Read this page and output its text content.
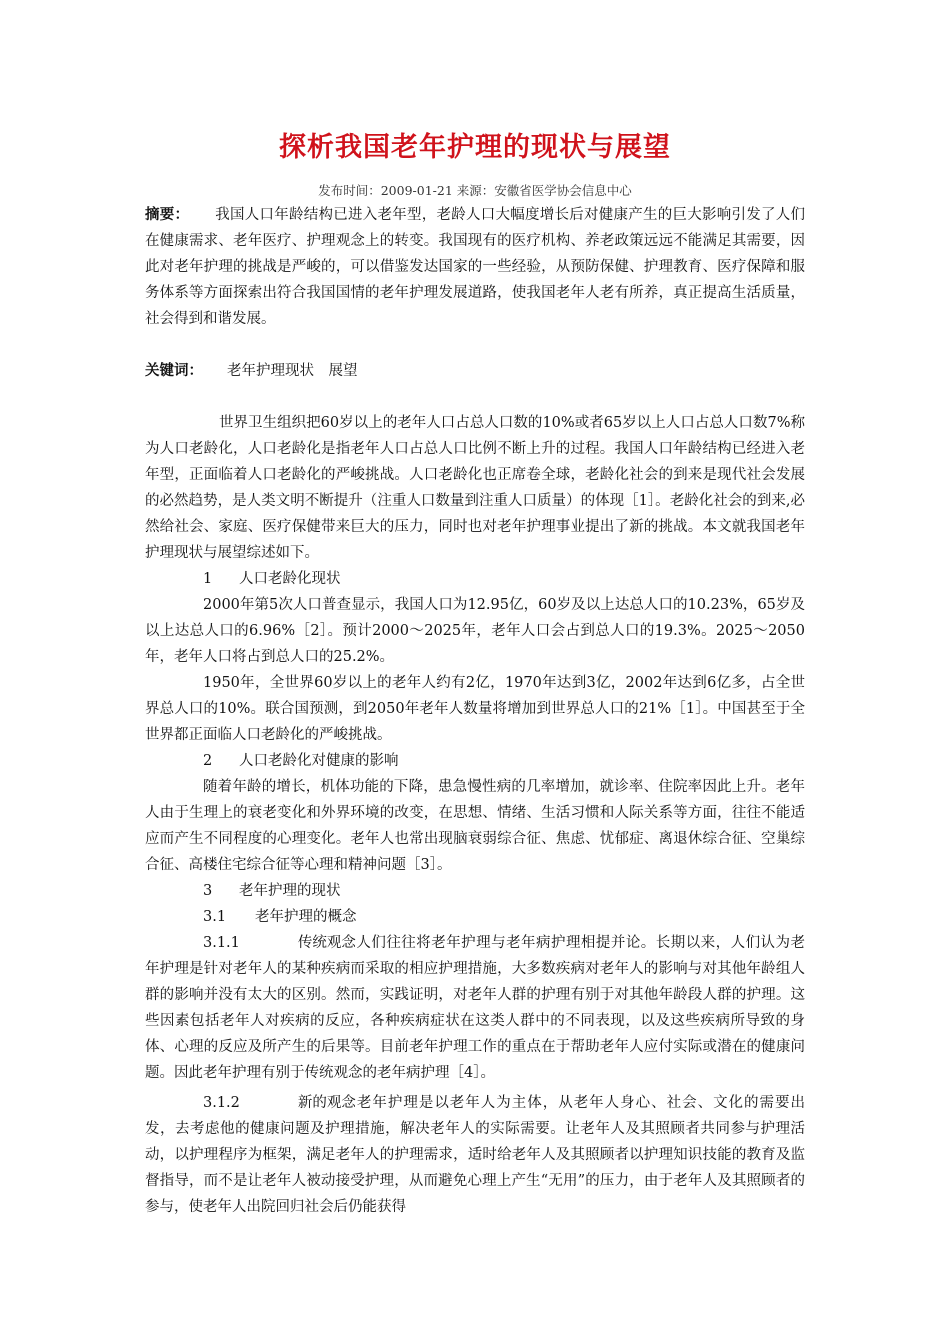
探析我国老年护理的现状与展望

发布时间：2009-01-21 来源：安徽省医学协会信息中心

摘要： 我国人口年龄结构已进入老年型，老龄人口大幅度增长后对健康产生的巨大影响引发了人们在健康需求、老年医疗、护理观念上的转变。我国现有的医疗机构、养老政策远远不能满足其需要，因此对老年护理的挑战是严峻的，可以借鉴发达国家的一些经验，从预防保健、护理教育、医疗保障和服务体系等方面探索出符合我国国情的老年护理发展道路，使我国老年人老有所养，真正提高生活质量，社会得到和谐发展。

关键词： 老年护理现状　展望

世界卫生组织把60岁以上的老年人口占总人口数的10%或者65岁以上人口占总人口数7%称为人口老龄化，人口老龄化是指老年人口占总人口比例不断上升的过程。我国人口年龄结构已经进入老年型，正面临着人口老龄化的严峻挑战。人口老龄化也正席卷全球，老龄化社会的到来是现代社会发展的必然趋势，是人类文明不断提升（注重人口数量到注重人口质量）的体现［1］。老龄化社会的到来,必然给社会、家庭、医疗保健带来巨大的压力，同时也对老年护理事业提出了新的挑战。本文就我国老年护理现状与展望综述如下。

1 人口老龄化现状

2000年第5次人口普查显示，我国人口为12.95亿，60岁及以上达总人口的10.23%，65岁及以上达总人口的6.96%［2］。预计2000～2025年，老年人口会占到总人口的19.3%。2025～2050年，老年人口将占到总人口的25.2%。

1950年，全世界60岁以上的老年人约有2亿，1970年达到3亿，2002年达到6亿多，占全世界总人口的10%。联合国预测，到2050年老年人数量将增加到世界总人口的21%［1］。中国甚至于全世界都正面临人口老龄化的严峻挑战。

2 人口老龄化对健康的影响

随着年龄的增长，机体功能的下降，患急慢性病的几率增加，就诊率、住院率因此上升。老年人由于生理上的衰老变化和外界环境的改变，在思想、情绪、生活习惯和人际关系等方面，往往不能适应而产生不同程度的心理变化。老年人也常出现脑衰弱综合征、焦虑、忧郁症、离退休综合征、空巢综合征、高楼住宅综合征等心理和精神问题［3］。

3 老年护理的现状

3.1 老年护理的概念

3.1.1	传统观念人们往往将老年护理与老年病护理相提并论。长期以来，人们认为老年护理是针对老年人的某种疾病而采取的相应护理措施，大多数疾病对老年人的影响与对其他年龄组人群的影响并没有太大的区别。然而，实践证明，对老年人群的护理有别于对其他年龄段人群的护理。这些因素包括老年人对疾病的反应，各种疾病症状在这类人群中的不同表现，以及这些疾病所导致的身体、心理的反应及所产生的后果等。目前老年护理工作的重点在于帮助老年人应付实际或潜在的健康问题。因此老年护理有别于传统观念的老年病护理［4］。

3.1.2	新的观念老年护理是以老年人为主体，从老年人身心、社会、文化的需要出发，去考虑他的健康问题及护理措施，解决老年人的实际需要。让老年人及其照顾者共同参与护理活动，以护理程序为框架，满足老年人的护理需求，适时给老年人及其照顾者以护理知识技能的教育及监督指导，而不是让老年人被动接受护理，从而避免心理上产生“无用”的压力，由于老年人及其照顾者的参与，使老年人出院回归社会后仍能获得
